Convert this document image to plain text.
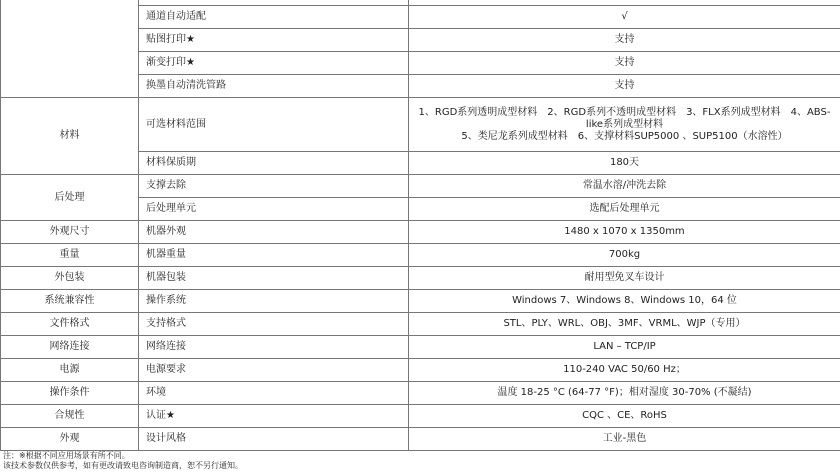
	通道自动适配	√
	贴图打印★	支持
	渐变打印★	支持
	换墨自动清洗管路	支持
材料	可选材料范围	1、RGD系列透明成型材料　2、RGD系列不透明成型材料　3、FLX系列成型材料　4、ABS-like系列成型材料
5、类尼龙系列成型材料　6、支撑材料SUP5000 、SUP5100（水溶性）

	材料保质期	180天
后处理	支撑去除	常温水溶/冲洗去除
	后处理单元	选配后处理单元
外观尺寸	机器外观	1480 x 1070 x 1350mm
重量	机器重量	700kg
外包装	机器包装	耐用型免叉车设计
系统兼容性	操作系统	Windows 7、Windows 8、Windows 10，64 位
文件格式	支持格式	STL、PLY、WRL、OBJ、3MF、VRML、WJP（专用）
网络连接	网络连接	LAN – TCP/IP
电源	电源要求	110-240 VAC 50/60 Hz；
操作条件	环境	温度 18-25 °C (64-77 °F)；相对湿度 30-70% (不凝结)
合规性	认证★	CQC 、CE、RoHS
外观	设计风格	工业-黑色
注：※根据不同应用场景有所不同。
该技术参数仅供参考，如有更改请致电咨询制造商，恕不另行通知。
